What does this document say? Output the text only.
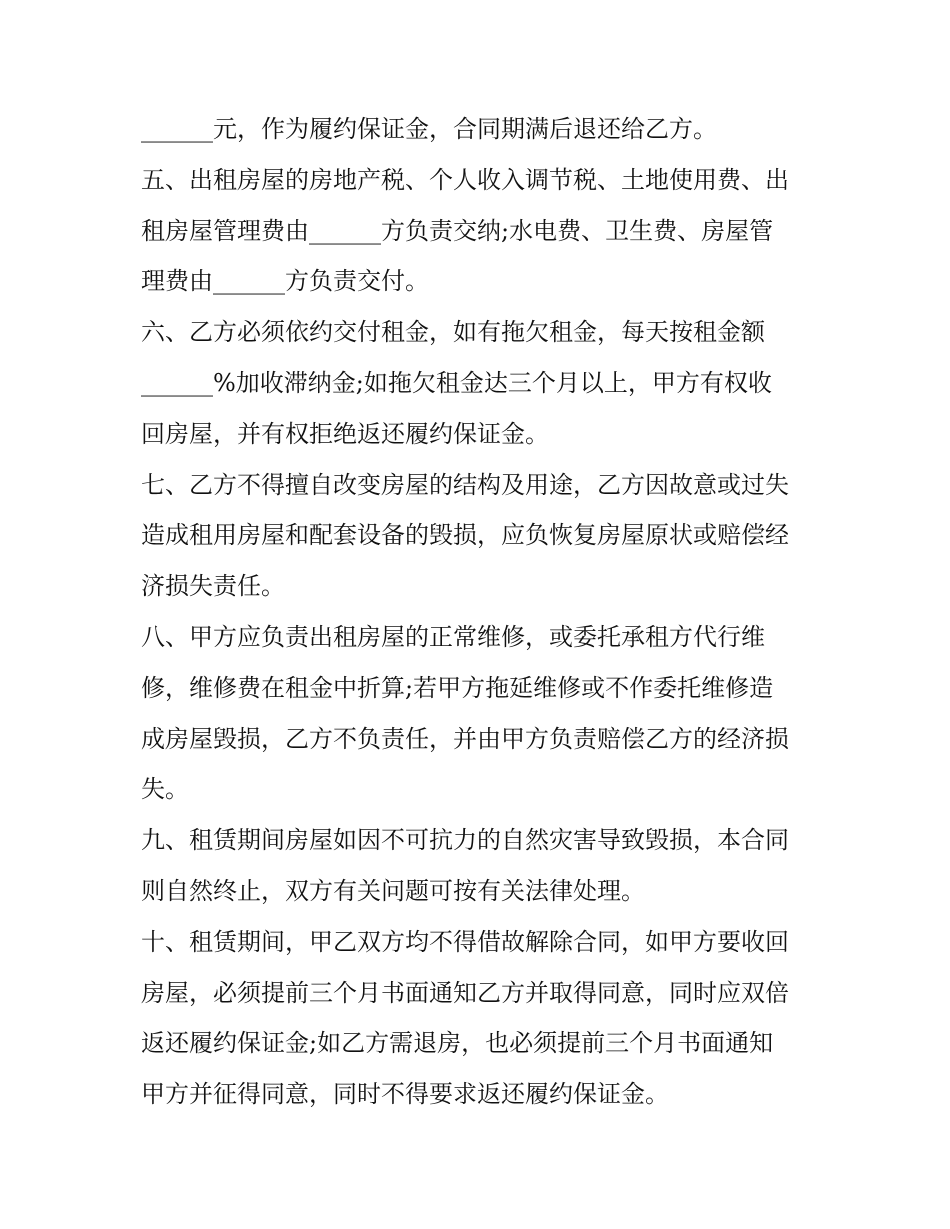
______元，作为履约保证金，合同期满后退还给乙方。
五、出租房屋的房地产税、个人收入调节税、土地使用费、出
租房屋管理费由______方负责交纳;水电费、卫生费、房屋管
理费由______方负责交付。
六、乙方必须依约交付租金，如有拖欠租金，每天按租金额
______%加收滞纳金;如拖欠租金达三个月以上，甲方有权收
回房屋，并有权拒绝返还履约保证金。
七、乙方不得擅自改变房屋的结构及用途，乙方因故意或过失
造成租用房屋和配套设备的毁损，应负恢复房屋原状或赔偿经
济损失责任。
八、甲方应负责出租房屋的正常维修，或委托承租方代行维
修，维修费在租金中折算;若甲方拖延维修或不作委托维修造
成房屋毁损，乙方不负责任，并由甲方负责赔偿乙方的经济损
失。
九、租赁期间房屋如因不可抗力的自然灾害导致毁损，本合同
则自然终止，双方有关问题可按有关法律处理。
十、租赁期间，甲乙双方均不得借故解除合同，如甲方要收回
房屋，必须提前三个月书面通知乙方并取得同意，同时应双倍
返还履约保证金;如乙方需退房，也必须提前三个月书面通知
甲方并征得同意，同时不得要求返还履约保证金。
